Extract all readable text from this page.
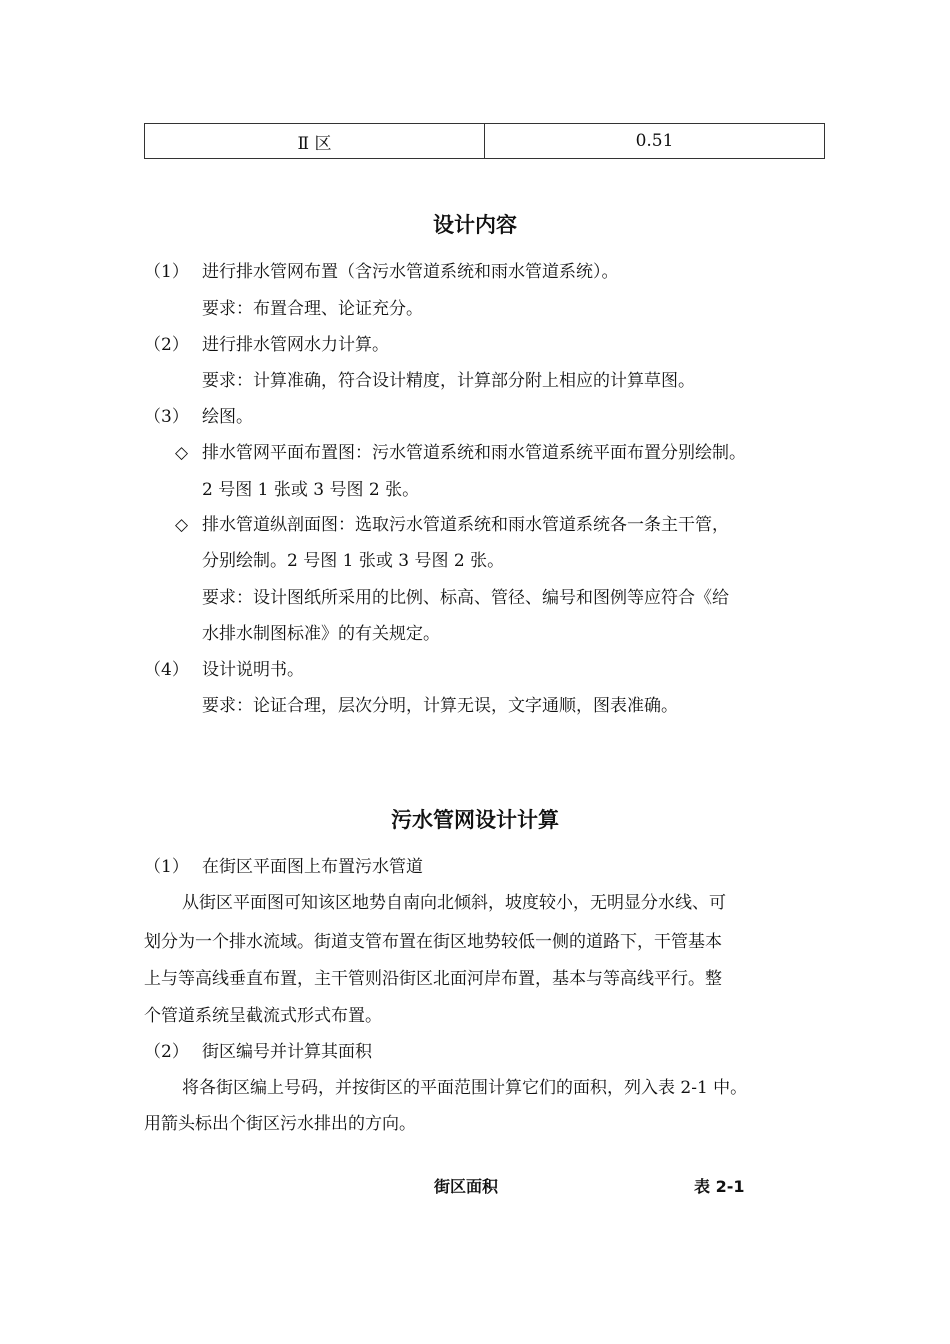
Ⅱ 区	0.51
设计内容

（1） 进行排水管网布置（含污水管道系统和雨水管道系统）。

要求：布置合理、论证充分。

（2） 进行排水管网水力计算。

要求：计算准确，符合设计精度，计算部分附上相应的计算草图。

（3） 绘图。

◇ 排水管网平面布置图：污水管道系统和雨水管道系统平面布置分别绘制。

2 号图 1 张或 3 号图 2 张。

◇ 排水管道纵剖面图：选取污水管道系统和雨水管道系统各一条主干管，

分别绘制。2 号图 1 张或 3 号图 2 张。

要求：设计图纸所采用的比例、标高、管径、编号和图例等应符合《给

水排水制图标准》的有关规定。

（4） 设计说明书。

要求：论证合理，层次分明，计算无误，文字通顺，图表准确。

污水管网设计计算

（1） 在街区平面图上布置污水管道

从街区平面图可知该区地势自南向北倾斜，坡度较小，无明显分水线、可

划分为一个排水流域。街道支管布置在街区地势较低一侧的道路下，干管基本

上与等高线垂直布置，主干管则沿街区北面河岸布置，基本与等高线平行。整

个管道系统呈截流式形式布置。

（2） 街区编号并计算其面积

将各街区编上号码，并按街区的平面范围计算它们的面积，列入表 2-1 中。

用箭头标出个街区污水排出的方向。

街区面积	表 2-1
